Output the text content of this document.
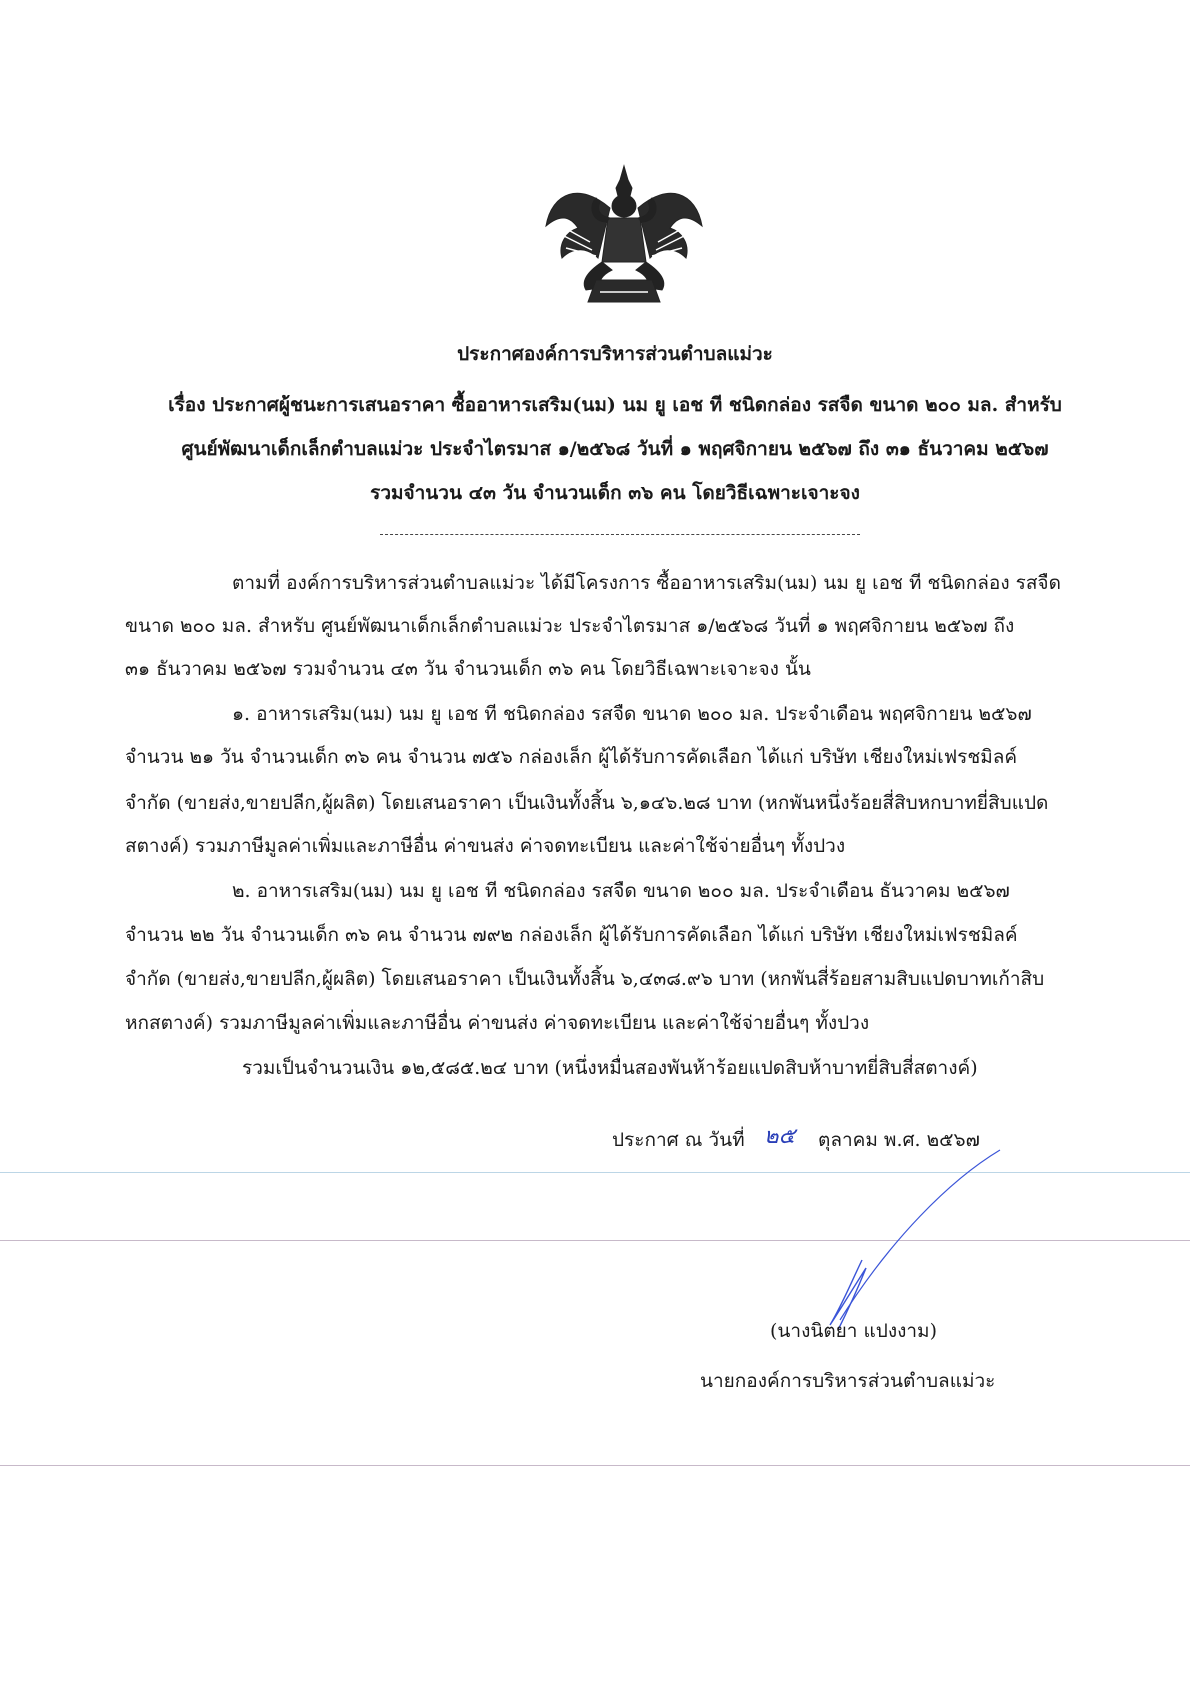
ประกาศองค์การบริหารส่วนตำบลแม่วะ
เรื่อง ประกาศผู้ชนะการเสนอราคา ซื้ออาหารเสริม(นม) นม ยู เอช ที ชนิดกล่อง รสจืด ขนาด ๒๐๐ มล. สำหรับ
ศูนย์พัฒนาเด็กเล็กตำบลแม่วะ ประจำไตรมาส ๑/๒๕๖๘ วันที่ ๑ พฤศจิกายน ๒๕๖๗ ถึง ๓๑ ธันวาคม ๒๕๖๗
รวมจำนวน ๔๓ วัน จำนวนเด็ก ๓๖ คน โดยวิธีเฉพาะเจาะจง
ตามที่ องค์การบริหารส่วนตำบลแม่วะ ได้มีโครงการ ซื้ออาหารเสริม(นม) นม ยู เอช ที ชนิดกล่อง รสจืด
ขนาด ๒๐๐ มล. สำหรับ ศูนย์พัฒนาเด็กเล็กตำบลแม่วะ ประจำไตรมาส ๑/๒๕๖๘ วันที่ ๑ พฤศจิกายน ๒๕๖๗ ถึง
๓๑ ธันวาคม ๒๕๖๗ รวมจำนวน ๔๓ วัน จำนวนเด็ก ๓๖ คน โดยวิธีเฉพาะเจาะจง นั้น
๑. อาหารเสริม(นม) นม ยู เอช ที ชนิดกล่อง รสจืด ขนาด ๒๐๐ มล. ประจำเดือน พฤศจิกายน ๒๕๖๗
จำนวน ๒๑ วัน จำนวนเด็ก ๓๖ คน จำนวน ๗๕๖ กล่องเล็ก ผู้ได้รับการคัดเลือก ได้แก่ บริษัท เชียงใหม่เฟรชมิลค์
จำกัด (ขายส่ง,ขายปลีก,ผู้ผลิต) โดยเสนอราคา เป็นเงินทั้งสิ้น ๖,๑๔๖.๒๘ บาท (หกพันหนึ่งร้อยสี่สิบหกบาทยี่สิบแปด
สตางค์) รวมภาษีมูลค่าเพิ่มและภาษีอื่น ค่าขนส่ง ค่าจดทะเบียน และค่าใช้จ่ายอื่นๆ ทั้งปวง
๒. อาหารเสริม(นม) นม ยู เอช ที ชนิดกล่อง รสจืด ขนาด ๒๐๐ มล. ประจำเดือน ธันวาคม ๒๕๖๗
จำนวน ๒๒ วัน จำนวนเด็ก ๓๖ คน จำนวน ๗๙๒ กล่องเล็ก ผู้ได้รับการคัดเลือก ได้แก่ บริษัท เชียงใหม่เฟรชมิลค์
จำกัด (ขายส่ง,ขายปลีก,ผู้ผลิต) โดยเสนอราคา เป็นเงินทั้งสิ้น ๖,๔๓๘.๙๖ บาท (หกพันสี่ร้อยสามสิบแปดบาทเก้าสิบ
หกสตางค์) รวมภาษีมูลค่าเพิ่มและภาษีอื่น ค่าขนส่ง ค่าจดทะเบียน และค่าใช้จ่ายอื่นๆ ทั้งปวง
รวมเป็นจำนวนเงิน ๑๒,๕๘๕.๒๔ บาท (หนึ่งหมื่นสองพันห้าร้อยแปดสิบห้าบาทยี่สิบสี่สตางค์)
ประกาศ ณ วันที่ ๒๕ ตุลาคม พ.ศ. ๒๕๖๗
(นางนิตยา แปงงาม)
นายกองค์การบริหารส่วนตำบลแม่วะ
